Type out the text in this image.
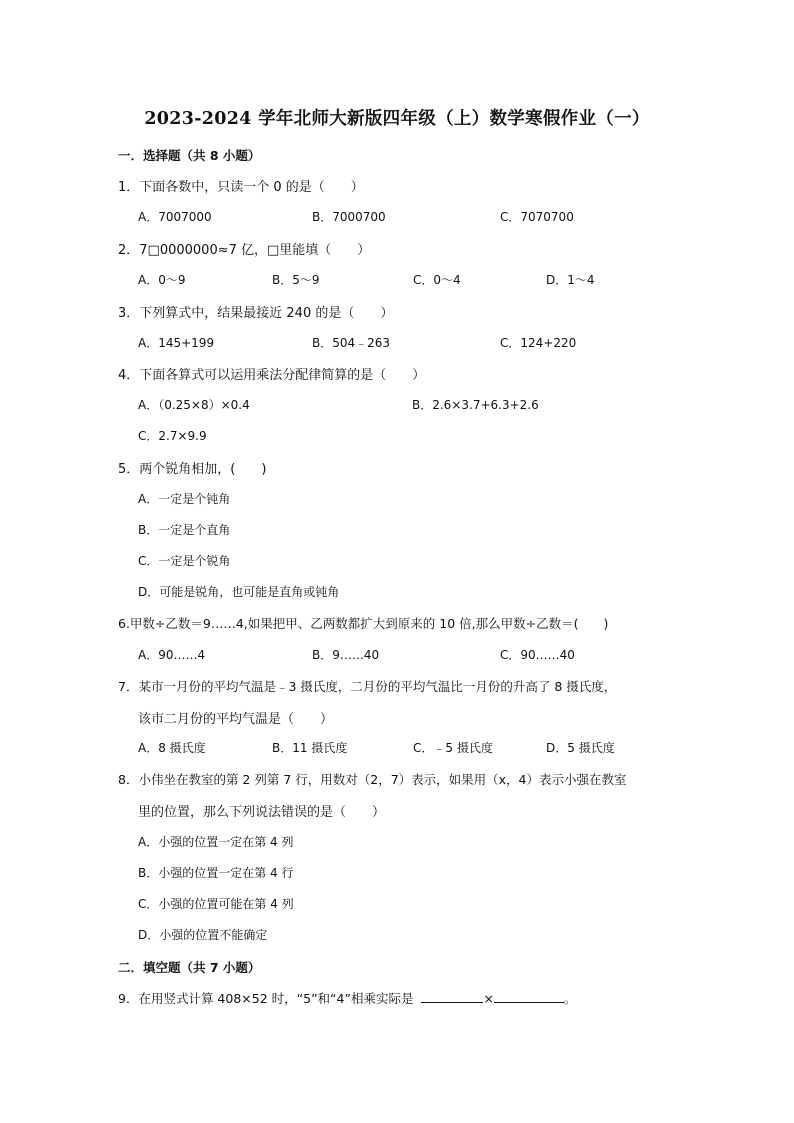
2023-2024 学年北师大新版四年级（上）数学寒假作业（一）
一．选择题（共 8 小题）
1．下面各数中，只读一个 0 的是（　　）
A．7007000	B．7000700	C．7070700
2．7□0000000≈7 亿，□里能填（　　）
A．0～9	B．5～9	C．0～4	D．1～4
3．下列算式中，结果最接近 240 的是（　　）
A．145+199	B．504﹣263	C．124+220
4．下面各算式可以运用乘法分配律简算的是（　　）
A．（0.25×8）×0.4	B．2.6×3.7+6.3+2.6
C．2.7×9.9
5．两个锐角相加，(　　)
A．一定是个钝角
B．一定是个直角
C．一定是个锐角
D．可能是锐角，也可能是直角或钝角
6.甲数÷乙数＝9……4,如果把甲、乙两数都扩大到原来的 10 倍,那么甲数÷乙数＝(　　)
A．90……4	B．9……40	C．90……40
7．某市一月份的平均气温是﹣3 摄氏度，二月份的平均气温比一月份的升高了 8 摄氏度，
该市二月份的平均气温是（　　）
A．8 摄氏度	B．11 摄氏度	C．﹣5 摄氏度	D．5 摄氏度
8．小伟坐在教室的第 2 列第 7 行，用数对（2，7）表示，如果用（x，4）表示小强在教室
里的位置，那么下列说法错误的是（　　）
A．小强的位置一定在第 4 列
B．小强的位置一定在第 4 行
C．小强的位置可能在第 4 列
D．小强的位置不能确定
二．填空题（共 7 小题）
9．在用竖式计算 408×52 时，“5”和“4”相乘实际是	×	。
